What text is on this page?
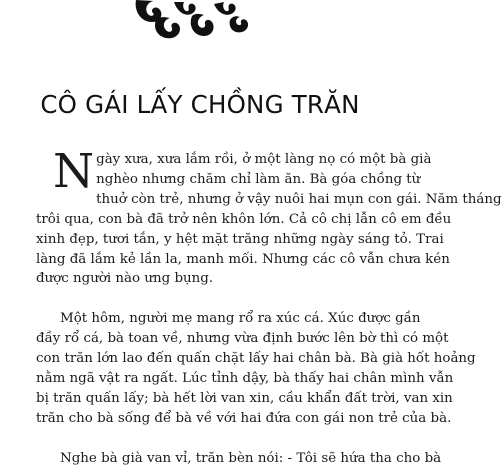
CÔ GÁI LẤY CHỒNG TRĂN

N gày xưa, xưa lắm rồi, ở một làng nọ có một bà già
nghèo nhưng chăm chỉ làm ăn. Bà góa chồng từ
thuở còn trẻ, nhưng ở vậy nuôi hai mụn con gái. Năm tháng
trôi qua, con bà đã trở nên khôn lớn. Cả cô chị lẫn cô em đều
xinh đẹp, tươi tắn, y hệt mặt trăng những ngày sáng tỏ. Trai
làng đã lắm kẻ lần la, manh mối. Nhưng các cô vẫn chưa kén
được người nào ưng bụng.

Một hôm, người mẹ mang rổ ra xúc cá. Xúc được gần
đầy rổ cá, bà toan về, nhưng vừa định bước lên bờ thì có một
con trăn lớn lao đến quấn chặt lấy hai chân bà. Bà già hốt hoảng
nằm ngã vật ra ngất. Lúc tỉnh dậy, bà thấy hai chân mình vẫn
bị trăn quấn lấy; bà hết lời van xin, cầu khẩn đất trời, van xin
trăn cho bà sống để bà về với hai đứa con gái non trẻ của bà.

Nghe bà già van vỉ, trăn bèn nói: - Tôi sẽ hứa tha cho bà
